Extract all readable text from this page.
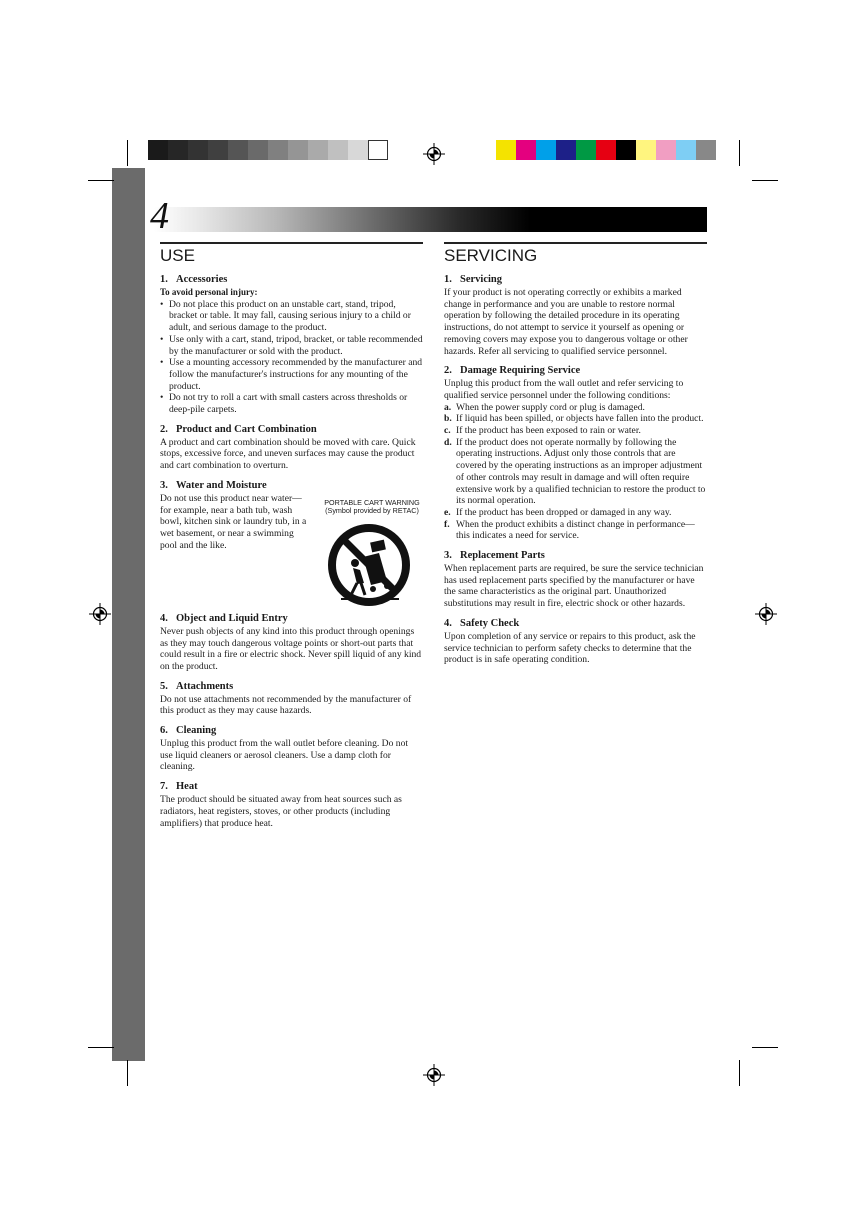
4
USE
1. Accessories
To avoid personal injury:
• Do not place this product on an unstable cart, stand, tripod, bracket or table. It may fall, causing serious injury to a child or adult, and serious damage to the product.
• Use only with a cart, stand, tripod, bracket, or table recommended by the manufacturer or sold with the product.
• Use a mounting accessory recommended by the manufacturer and follow the manufacturer's instructions for any mounting of the product.
• Do not try to roll a cart with small casters across thresholds or deep-pile carpets.
2. Product and Cart Combination

A product and cart combination should be moved with care. Quick stops, excessive force, and uneven surfaces may cause the product and cart combination to overturn.

3. Water and Moisture

Do not use this product near water—for example, near a bath tub, wash bowl, kitchen sink or laundry tub, in a wet basement, or near a swimming pool and the like.

PORTABLE CART WARNING
(Symbol provided by RETAC)
4. Object and Liquid Entry

Never push objects of any kind into this product through openings as they may touch dangerous voltage points or short-out parts that could result in a fire or electric shock. Never spill liquid of any kind on the product.

5. Attachments

Do not use attachments not recommended by the manufacturer of this product as they may cause hazards.

6. Cleaning

Unplug this product from the wall outlet before cleaning. Do not use liquid cleaners or aerosol cleaners. Use a damp cloth for cleaning.

7. Heat

The product should be situated away from heat sources such as radiators, heat registers, stoves, or other products (including amplifiers) that produce heat.

SERVICING
1. Servicing

If your product is not operating correctly or exhibits a marked change in performance and you are unable to restore normal operation by following the detailed procedure in its operating instructions, do not attempt to service it yourself as opening or removing covers may expose you to dangerous voltage or other hazards. Refer all servicing to qualified service personnel.

2. Damage Requiring Service

Unplug this product from the wall outlet and refer servicing to qualified service personnel under the following conditions:

a. When the power supply cord or plug is damaged.
b. If liquid has been spilled, or objects have fallen into the product.
c. If the product has been exposed to rain or water.
d. If the product does not operate normally by following the operating instructions. Adjust only those controls that are covered by the operating instructions as an improper adjustment of other controls may result in damage and will often require extensive work by a qualified technician to restore the product to its normal operation.
e. If the product has been dropped or damaged in any way.
f. When the product exhibits a distinct change in performance—this indicates a need for service.
3. Replacement Parts

When replacement parts are required, be sure the service technician has used replacement parts specified by the manufacturer or have the same characteristics as the original part. Unauthorized substitutions may result in fire, electric shock or other hazards.

4. Safety Check

Upon completion of any service or repairs to this product, ask the service technician to perform safety checks to determine that the product is in safe operating condition.
